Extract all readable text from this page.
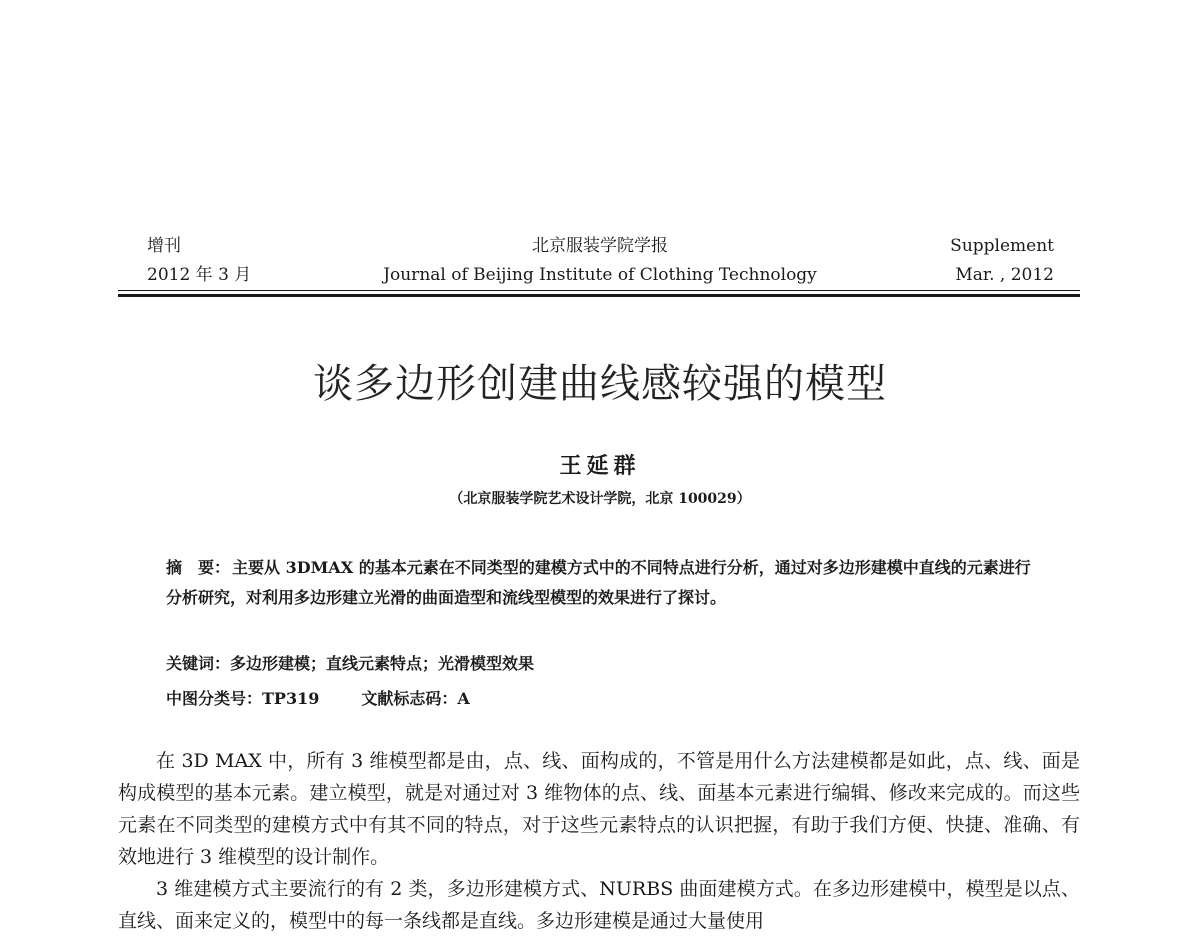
增刊
2012 年 3 月
北京服装学院学报
Journal of Beijing Institute of Clothing Technology
Supplement
Mar. , 2012
谈多边形创建曲线感较强的模型
王延群
（北京服装学院艺术设计学院，北京 100029）
摘　要： 主要从 3DMAX 的基本元素在不同类型的建模方式中的不同特点进行分析，通过对多边形建模中直线的元素进行分析研究，对利用多边形建立光滑的曲面造型和流线型模型的效果进行了探讨。
关键词：多边形建模；直线元素特点；光滑模型效果
中图分类号：TP319	文献标志码：A

在 3D MAX 中，所有 3 维模型都是由，点、线、面构成的，不管是用什么方法建模都是如此，点、线、面是构成模型的基本元素。建立模型，就是对通过对 3 维物体的点、线、面基本元素进行编辑、修改来完成的。而这些元素在不同类型的建模方式中有其不同的特点，对于这些元素特点的认识把握，有助于我们方便、快捷、准确、有效地进行 3 维模型的设计制作。

3 维建模方式主要流行的有 2 类，多边形建模方式、NURBS 曲面建模方式。在多边形建模中，模型是以点、直线、面来定义的，模型中的每一条线都是直线。多边形建模是通过大量使用
